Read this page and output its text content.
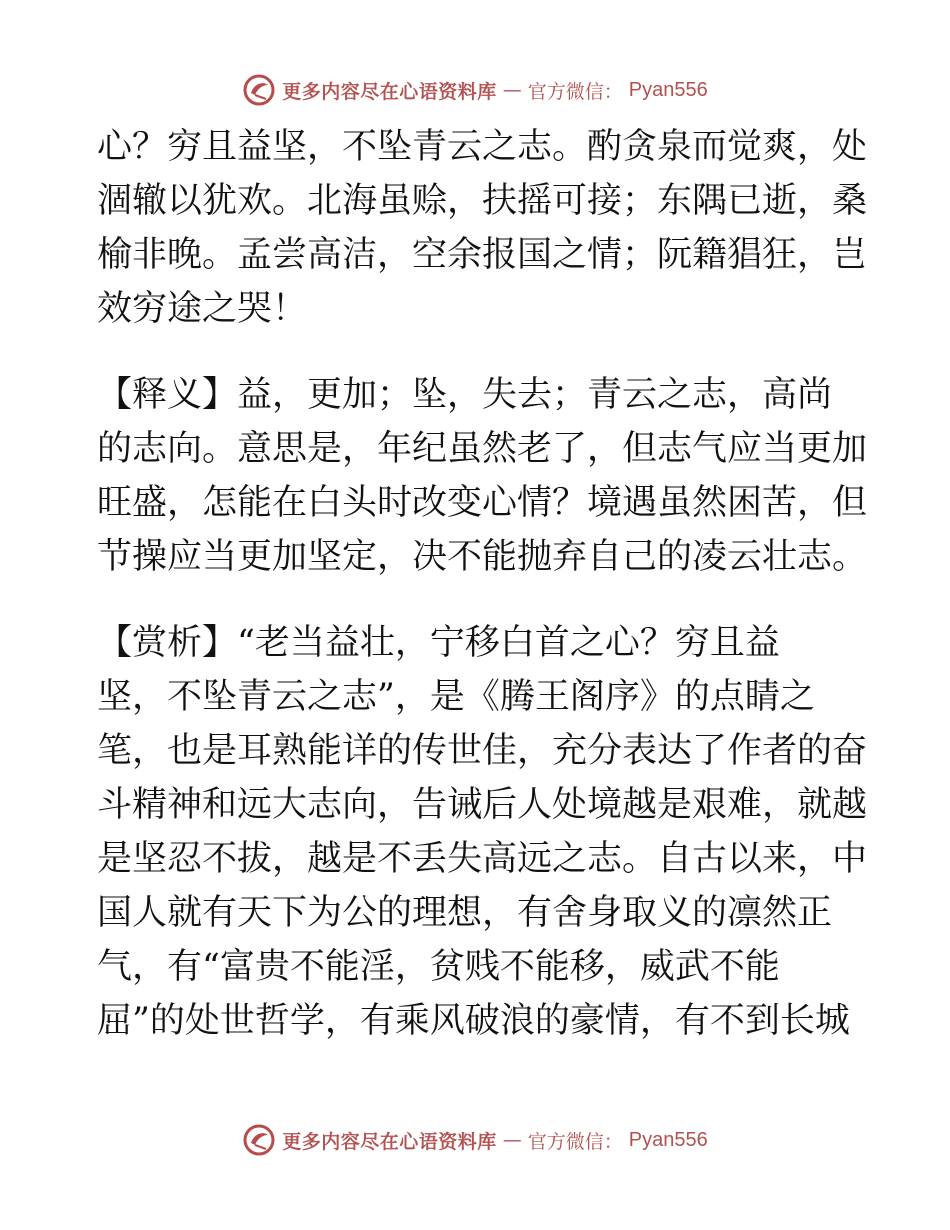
更多内容尽在心语资料库 — 官方微信： Pyan556
心？穷且益坚，不坠青云之志。酌贪泉而觉爽，处
涸辙以犹欢。北海虽赊，扶摇可接；东隅已逝，桑
榆非晚。孟尝高洁，空余报国之情；阮籍猖狂，岂
效穷途之哭！
【释义】益，更加；坠，失去；青云之志，高尚
的志向。意思是，年纪虽然老了，但志气应当更加
旺盛，怎能在白头时改变心情？境遇虽然困苦，但
节操应当更加坚定，决不能抛弃自己的凌云壮志。
【赏析】“老当益壮，宁移白首之心？穷且益
坚，不坠青云之志”，是《腾王阁序》的点睛之
笔，也是耳熟能详的传世佳，充分表达了作者的奋
斗精神和远大志向，告诫后人处境越是艰难，就越
是坚忍不拔，越是不丢失高远之志。自古以来，中
国人就有天下为公的理想，有舍身取义的凛然正
气，有“富贵不能淫，贫贱不能移，威武不能
屈”的处世哲学，有乘风破浪的豪情，有不到长城
更多内容尽在心语资料库 — 官方微信： Pyan556
